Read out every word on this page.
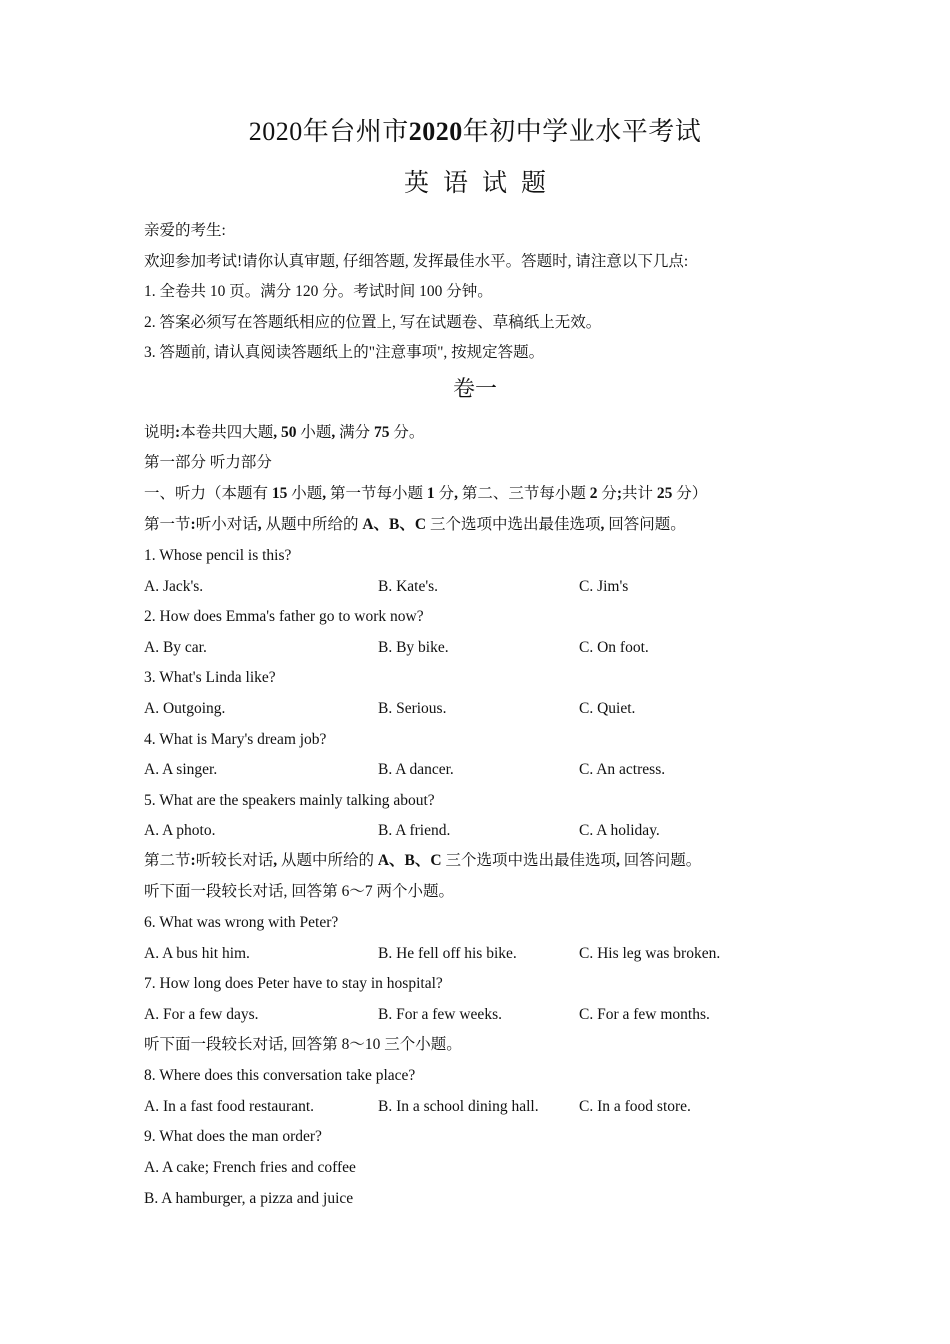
2020年台州市2020年初中学业水平考试
英语试题
亲爱的考生:
欢迎参加考试!请你认真审题, 仔细答题, 发挥最佳水平。答题时, 请注意以下几点:
1. 全卷共 10 页。满分 120 分。考试时间 100 分钟。
2. 答案必须写在答题纸相应的位置上, 写在试题卷、草稿纸上无效。
3. 答题前, 请认真阅读答题纸上的"注意事项", 按规定答题。
卷一
说明:本卷共四大题, 50 小题, 满分 75 分。
第一部分 听力部分
一、听力（本题有 15 小题, 第一节每小题 1 分, 第二、三节每小题 2 分;共计 25 分）
第一节:听小对话, 从题中所给的 A、B、C 三个选项中选出最佳选项, 回答问题。
1. Whose pencil is this?
A. Jack's.	B. Kate's.	C. Jim's
2. How does Emma's father go to work now?
A. By car.	B. By bike.	C. On foot.
3. What's Linda like?
A. Outgoing.	B. Serious.	C. Quiet.
4. What is Mary's dream job?
A. A singer.	B. A dancer.	C. An actress.
5. What are the speakers mainly talking about?
A. A photo.	B. A friend.	C. A holiday.
第二节:听较长对话, 从题中所给的 A、B、C 三个选项中选出最佳选项, 回答问题。
听下面一段较长对话, 回答第 6～7 两个小题。
6. What was wrong with Peter?
A. A bus hit him.	B. He fell off his bike.	C. His leg was broken.
7. How long does Peter have to stay in hospital?
A. For a few days.	B. For a few weeks.	C. For a few months.
听下面一段较长对话, 回答第 8～10 三个小题。
8. Where does this conversation take place?
A. In a fast food restaurant.	B. In a school dining hall.	C. In a food store.
9. What does the man order?
A. A cake; French fries and coffee
B. A hamburger, a pizza and juice
